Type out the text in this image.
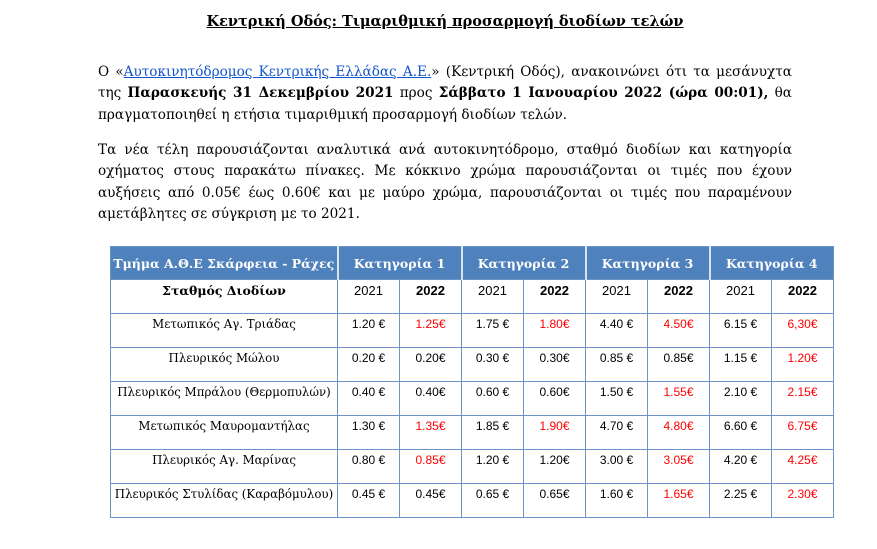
Κεντρική Οδός: Τιμαριθμική προσαρμογή διοδίων τελών

Ο «Αυτοκινητόδρομος Κεντρικής Ελλάδας Α.Ε.» (Κεντρική Οδός), ανακοινώνει ότι τα μεσάνυχτα της Παρασκευής 31 Δεκεμβρίου 2021 προς Σάββατο 1 Ιανουαρίου 2022 (ώρα 00:01), θα πραγματοποιηθεί η ετήσια τιμαριθμική προσαρμογή διοδίων τελών.

Τα νέα τέλη παρουσιάζονται αναλυτικά ανά αυτοκινητόδρομο, σταθμό διοδίων και κατηγορία οχήματος στους παρακάτω πίνακες. Με κόκκινο χρώμα παρουσιάζονται οι τιμές που έχουν αυξήσεις από 0.05€ έως 0.60€ και με μαύρο χρώμα, παρουσιάζονται οι τιμές που παραμένουν αμετάβλητες σε σύγκριση με το 2021.

Τμήμα Α.Θ.Ε Σκάρφεια - Ράχες	Κατηγορία 1		Κατηγορία 2		Κατηγορία 3		Κατηγορία 4	
Σταθμός Διοδίων	2021	2022	2021	2022	2021	2022	2021	2022
Μετωπικός Αγ. Τριάδας	1.20 €	1.25€	1.75 €	1.80€	4.40 €	4.50€	6.15 €	6,30€
Πλευρικός Μώλου	0.20 €	0.20€	0.30 €	0.30€	0.85 €	0.85€	1.15 €	1.20€
Πλευρικός Μπράλου (Θερμοπυλών)	0.40 €	0.40€	0.60 €	0.60€	1.50 €	1.55€	2.10 €	2.15€
Μετωπικός Μαυρομαντήλας	1.30 €	1.35€	1.85 €	1.90€	4.70 €	4.80€	6.60 €	6.75€
Πλευρικός Αγ. Μαρίνας	0.80 €	0.85€	1.20 €	1.20€	3.00 €	3.05€	4.20 €	4.25€
Πλευρικός Στυλίδας (Καραβόμυλου)	0.45 €	0.45€	0.65 €	0.65€	1.60 €	1.65€	2.25 €	2.30€
